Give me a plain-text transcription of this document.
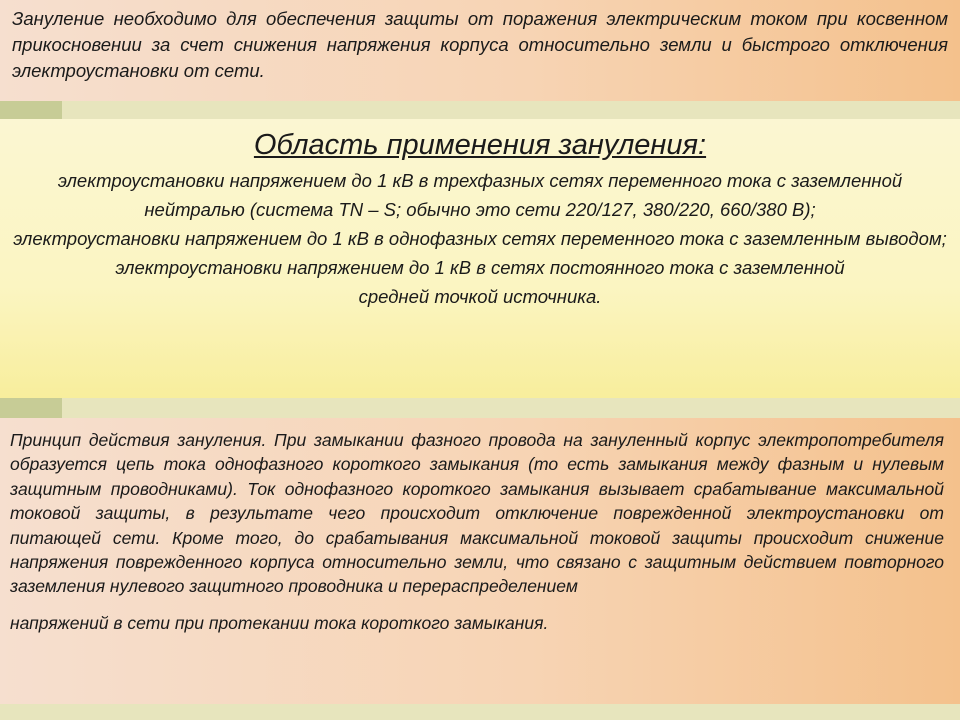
Зануление необходимо для обеспечения защиты от поражения электрическим током при косвенном прикосновении за счет снижения напряжения корпуса относительно земли и быстрого отключения электроустановки от сети.

Область применения зануления:

электроустановки напряжением до 1 кВ в трехфазных сетях переменного тока с заземленной нейтралью (система TN – S; обычно это сети 220/127, 380/220, 660/380 В);

электроустановки напряжением до 1 кВ в однофазных сетях переменного тока с заземленным выводом;

электроустановки напряжением до 1 кВ в сетях постоянного тока с заземленной средней точкой источника.

Принцип действия зануления. При замыкании фазного провода на зануленный корпус электропотребителя образуется цепь тока однофазного короткого замыкания (то есть замыкания между фазным и нулевым защитным проводниками). Ток однофазного короткого замыкания вызывает срабатывание максимальной токовой защиты, в результате чего происходит отключение поврежденной электроустановки от питающей сети. Кроме того, до срабатывания максимальной токовой защиты происходит снижение напряжения поврежденного корпуса относительно земли, что связано с защитным действием повторного заземления нулевого защитного проводника и перераспределением

напряжений в сети при протекании тока короткого замыкания.
